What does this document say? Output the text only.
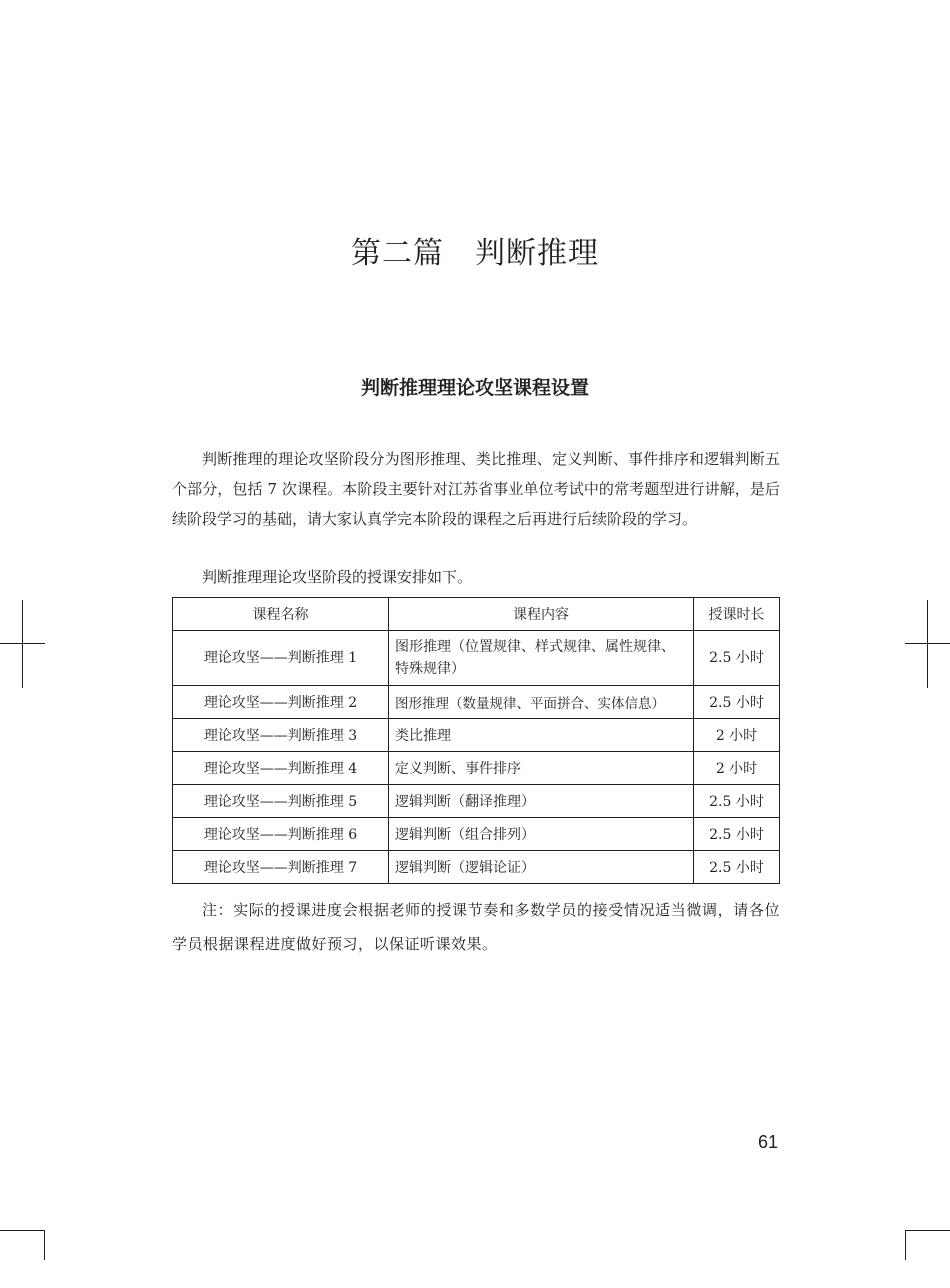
第二篇　判断推理
判断推理理论攻坚课程设置

判断推理的理论攻坚阶段分为图形推理、类比推理、定义判断、事件排序和逻辑判断五个部分，包括 7 次课程。本阶段主要针对江苏省事业单位考试中的常考题型进行讲解，是后续阶段学习的基础，请大家认真学完本阶段的课程之后再进行后续阶段的学习。

判断推理理论攻坚阶段的授课安排如下。

课程名称	课程内容	授课时长
理论攻坚——判断推理 1	图形推理（位置规律、样式规律、属性规律、特殊规律）	2.5 小时
理论攻坚——判断推理 2	图形推理（数量规律、平面拼合、实体信息）	2.5 小时
理论攻坚——判断推理 3	类比推理	2 小时
理论攻坚——判断推理 4	定义判断、事件排序	2 小时
理论攻坚——判断推理 5	逻辑判断（翻译推理）	2.5 小时
理论攻坚——判断推理 6	逻辑判断（组合排列）	2.5 小时
理论攻坚——判断推理 7	逻辑判断（逻辑论证）	2.5 小时

注：实际的授课进度会根据老师的授课节奏和多数学员的接受情况适当微调，请各位学员根据课程进度做好预习，以保证听课效果。

61
